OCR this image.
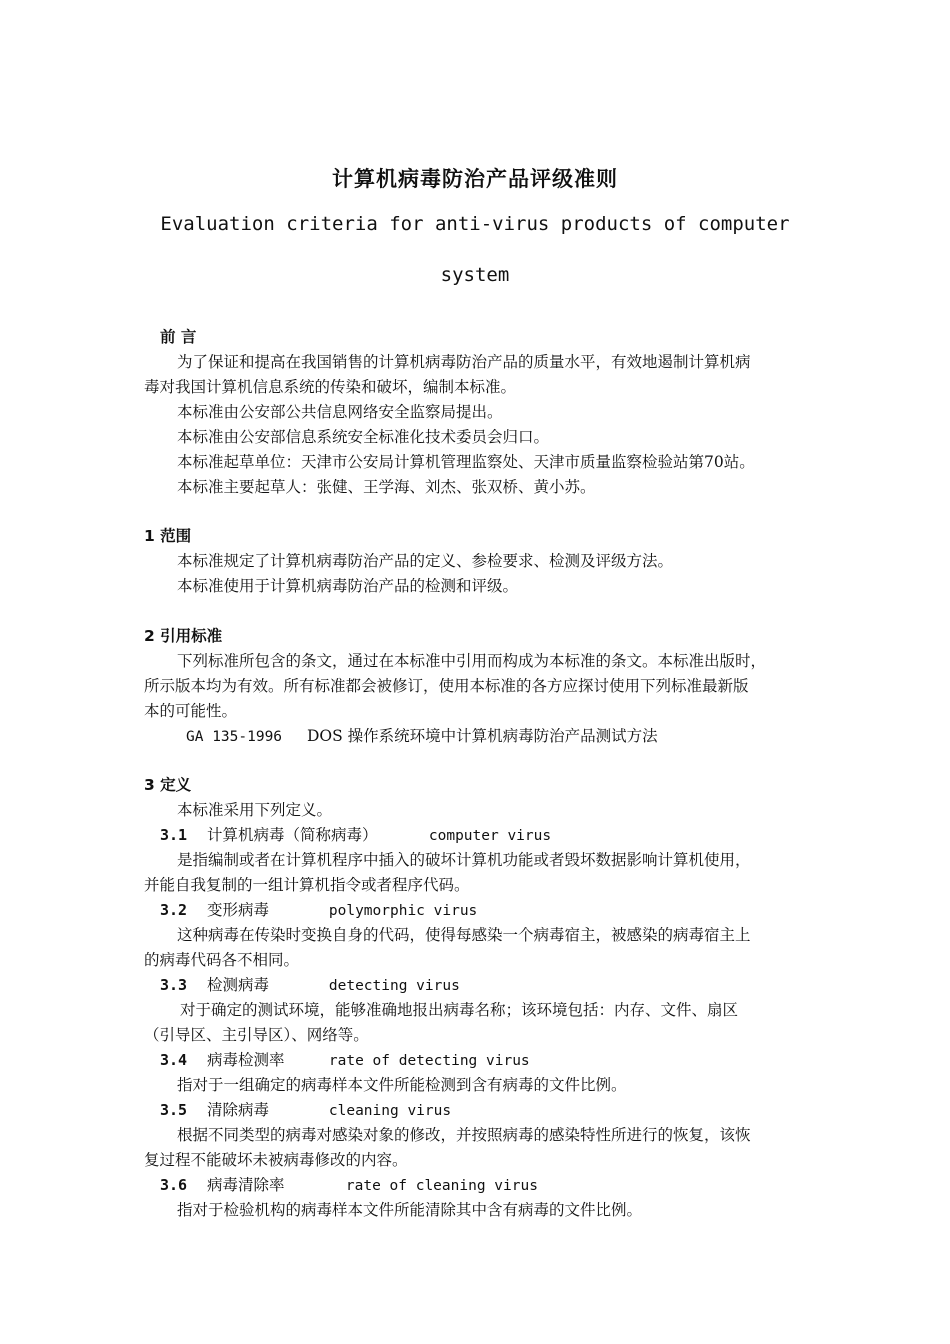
计算机病毒防治产品评级准则
Evaluation criteria for anti-virus products of computer
system
前 言
为了保证和提高在我国销售的计算机病毒防治产品的质量水平，有效地遏制计算机病
毒对我国计算机信息系统的传染和破坏，编制本标准。
本标准由公安部公共信息网络安全监察局提出。
本标准由公安部信息系统安全标准化技术委员会归口。
本标准起草单位：天津市公安局计算机管理监察处、天津市质量监察检验站第70站。
本标准主要起草人：张健、王学海、刘杰、张双桥、黄小苏。
1 范围
本标准规定了计算机病毒防治产品的定义、参检要求、检测及评级方法。
本标准使用于计算机病毒防治产品的检测和评级。
2 引用标准
下列标准所包含的条文，通过在本标准中引用而构成为本标准的条文。本标准出版时，
所示版本均为有效。所有标准都会被修订，使用本标准的各方应探讨使用下列标准最新版
本的可能性。
GA 135-1996 DOS 操作系统环境中计算机病毒防治产品测试方法
3 定义
本标准采用下列定义。
3.1 计算机病毒（简称病毒）	computer virus
是指编制或者在计算机程序中插入的破坏计算机功能或者毁坏数据影响计算机使用，
并能自我复制的一组计算机指令或者程序代码。
3.2 变形病毒	polymorphic virus
这种病毒在传染时变换自身的代码，使得每感染一个病毒宿主，被感染的病毒宿主上
的病毒代码各不相同。
3.3 检测病毒	detecting virus
对于确定的测试环境，能够准确地报出病毒名称；该环境包括：内存、文件、扇区
（引导区、主引导区）、网络等。
3.4 病毒检测率	rate of detecting virus
指对于一组确定的病毒样本文件所能检测到含有病毒的文件比例。
3.5 清除病毒	cleaning virus
根据不同类型的病毒对感染对象的修改，并按照病毒的感染特性所进行的恢复，该恢
复过程不能破坏未被病毒修改的内容。
3.6 病毒清除率	rate of cleaning virus
指对于检验机构的病毒样本文件所能清除其中含有病毒的文件比例。
